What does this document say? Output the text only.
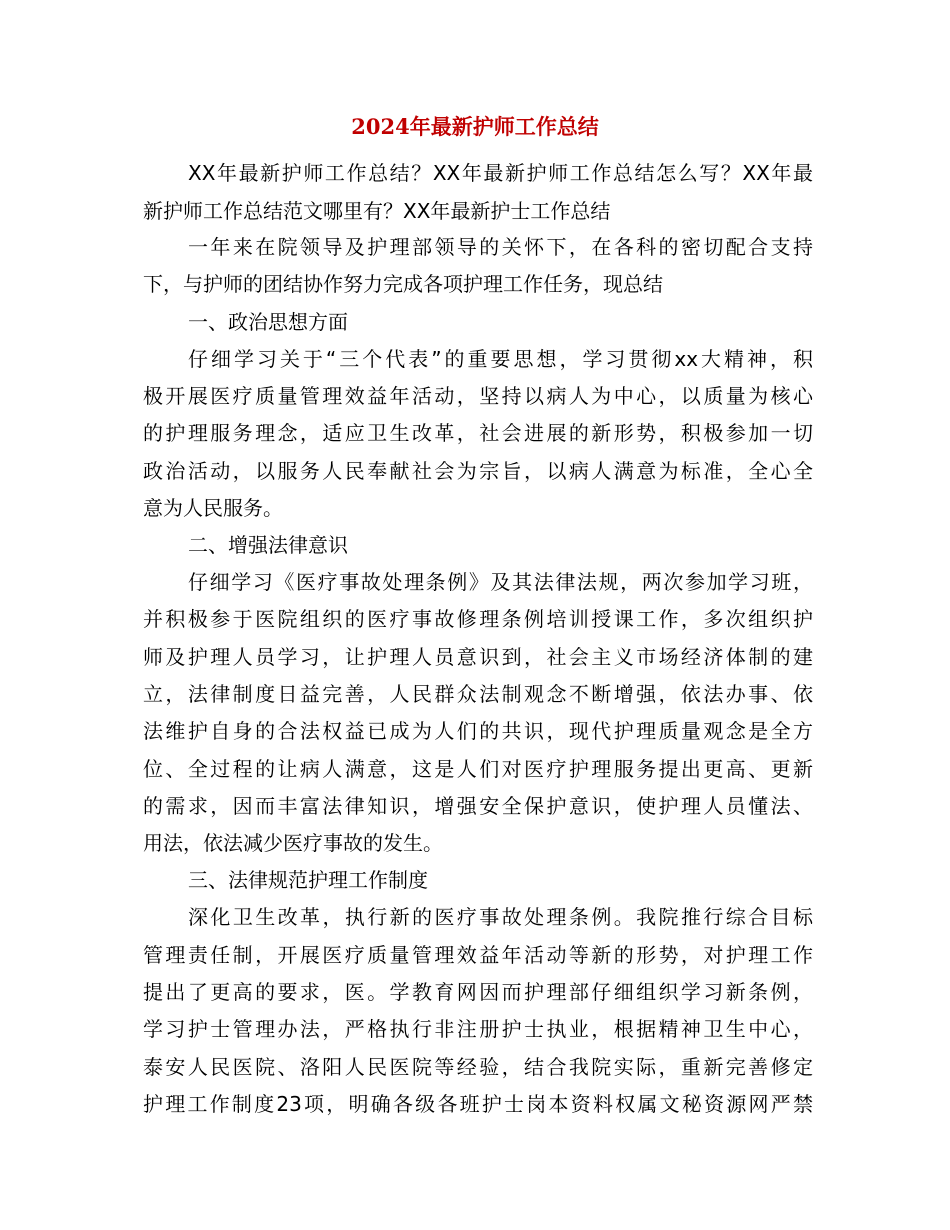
2024年最新护师工作总结
XX年最新护师工作总结？XX年最新护师工作总结怎么写？XX年最
新护师工作总结范文哪里有？XX年最新护士工作总结
一年来在院领导及护理部领导的关怀下，在各科的密切配合支持
下，与护师的团结协作努力完成各项护理工作任务，现总结
一、政治思想方面
仔细学习关于“三个代表”的重要思想，学习贯彻xx大精神，积
极开展医疗质量管理效益年活动，坚持以病人为中心，以质量为核心
的护理服务理念，适应卫生改革，社会进展的新形势，积极参加一切
政治活动，以服务人民奉献社会为宗旨，以病人满意为标准，全心全
意为人民服务。
二、增强法律意识
仔细学习《医疗事故处理条例》及其法律法规，两次参加学习班，
并积极参于医院组织的医疗事故修理条例培训授课工作，多次组织护
师及护理人员学习，让护理人员意识到，社会主义市场经济体制的建
立，法律制度日益完善，人民群众法制观念不断增强，依法办事、依
法维护自身的合法权益已成为人们的共识，现代护理质量观念是全方
位、全过程的让病人满意，这是人们对医疗护理服务提出更高、更新
的需求，因而丰富法律知识，增强安全保护意识，使护理人员懂法、
用法，依法减少医疗事故的发生。
三、法律规范护理工作制度
深化卫生改革，执行新的医疗事故处理条例。我院推行综合目标
管理责任制，开展医疗质量管理效益年活动等新的形势，对护理工作
提出了更高的要求，医。学教育网因而护理部仔细组织学习新条例，
学习护士管理办法，严格执行非注册护士执业，根据精神卫生中心，
泰安人民医院、洛阳人民医院等经验，结合我院实际，重新完善修定
护理工作制度23项，明确各级各班护士岗本资料权属文秘资源网严禁
